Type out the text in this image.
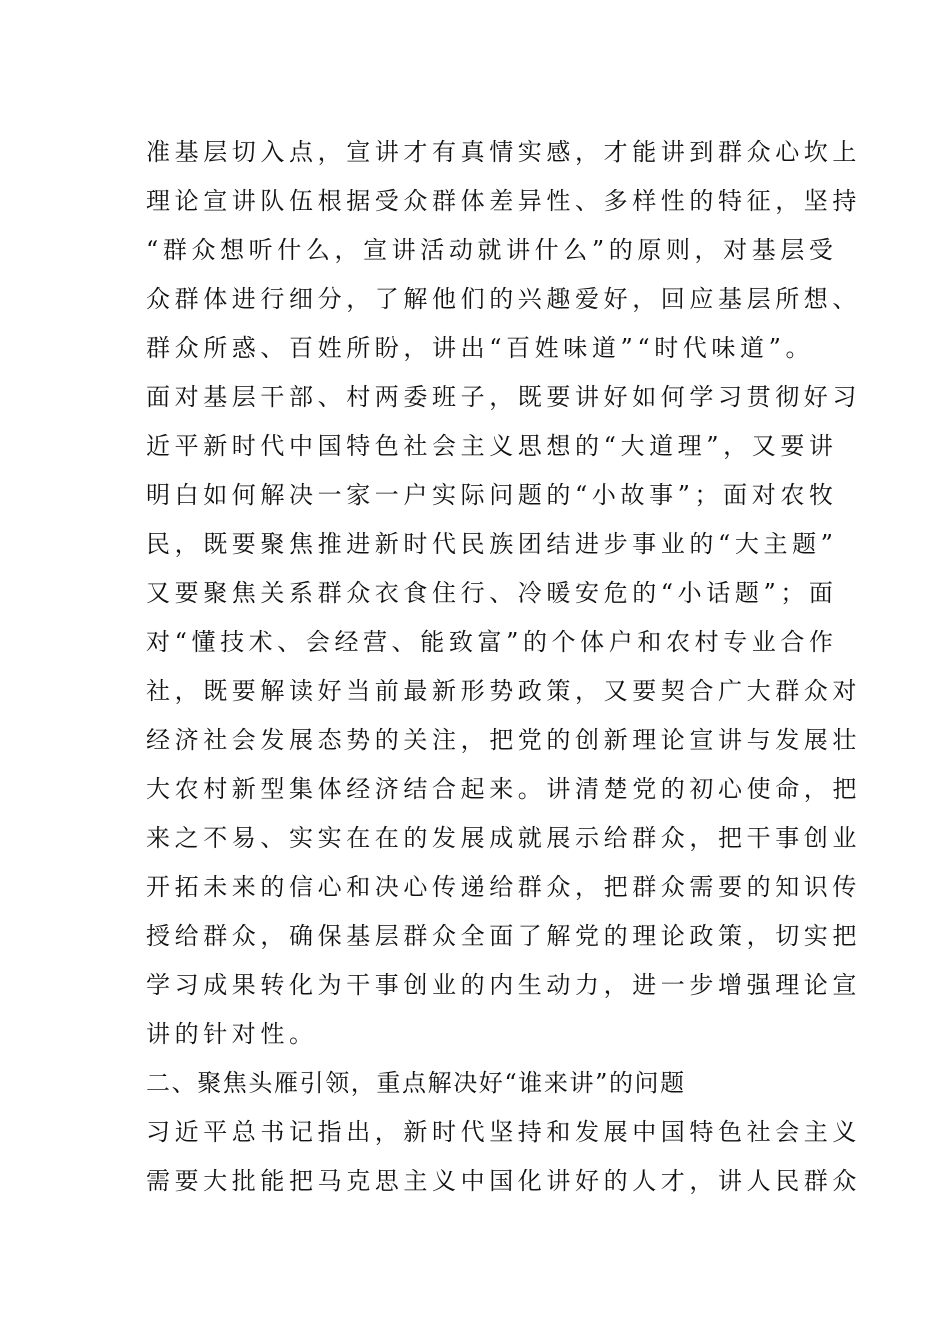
准基层切入点，宣讲才有真情实感，才能讲到群众心坎上
理论宣讲队伍根据受众群体差异性、多样性的特征，坚持
“群众想听什么，宣讲活动就讲什么”的原则，对基层受
众群体进行细分，了解他们的兴趣爱好，回应基层所想、
群众所惑、百姓所盼，讲出“百姓味道”“时代味道”。
面对基层干部、村两委班子，既要讲好如何学习贯彻好习
近平新时代中国特色社会主义思想的“大道理”，又要讲
明白如何解决一家一户实际问题的“小故事”；面对农牧
民，既要聚焦推进新时代民族团结进步事业的“大主题”
又要聚焦关系群众衣食住行、冷暖安危的“小话题”；面
对“懂技术、会经营、能致富”的个体户和农村专业合作
社，既要解读好当前最新形势政策，又要契合广大群众对
经济社会发展态势的关注，把党的创新理论宣讲与发展壮
大农村新型集体经济结合起来。讲清楚党的初心使命，把
来之不易、实实在在的发展成就展示给群众，把干事创业
开拓未来的信心和决心传递给群众，把群众需要的知识传
授给群众，确保基层群众全面了解党的理论政策，切实把
学习成果转化为干事创业的内生动力，进一步增强理论宣
讲的针对性。
二、聚焦头雁引领，重点解决好“谁来讲”的问题
习近平总书记指出，新时代坚持和发展中国特色社会主义
需要大批能把马克思主义中国化讲好的人才，讲人民群众
